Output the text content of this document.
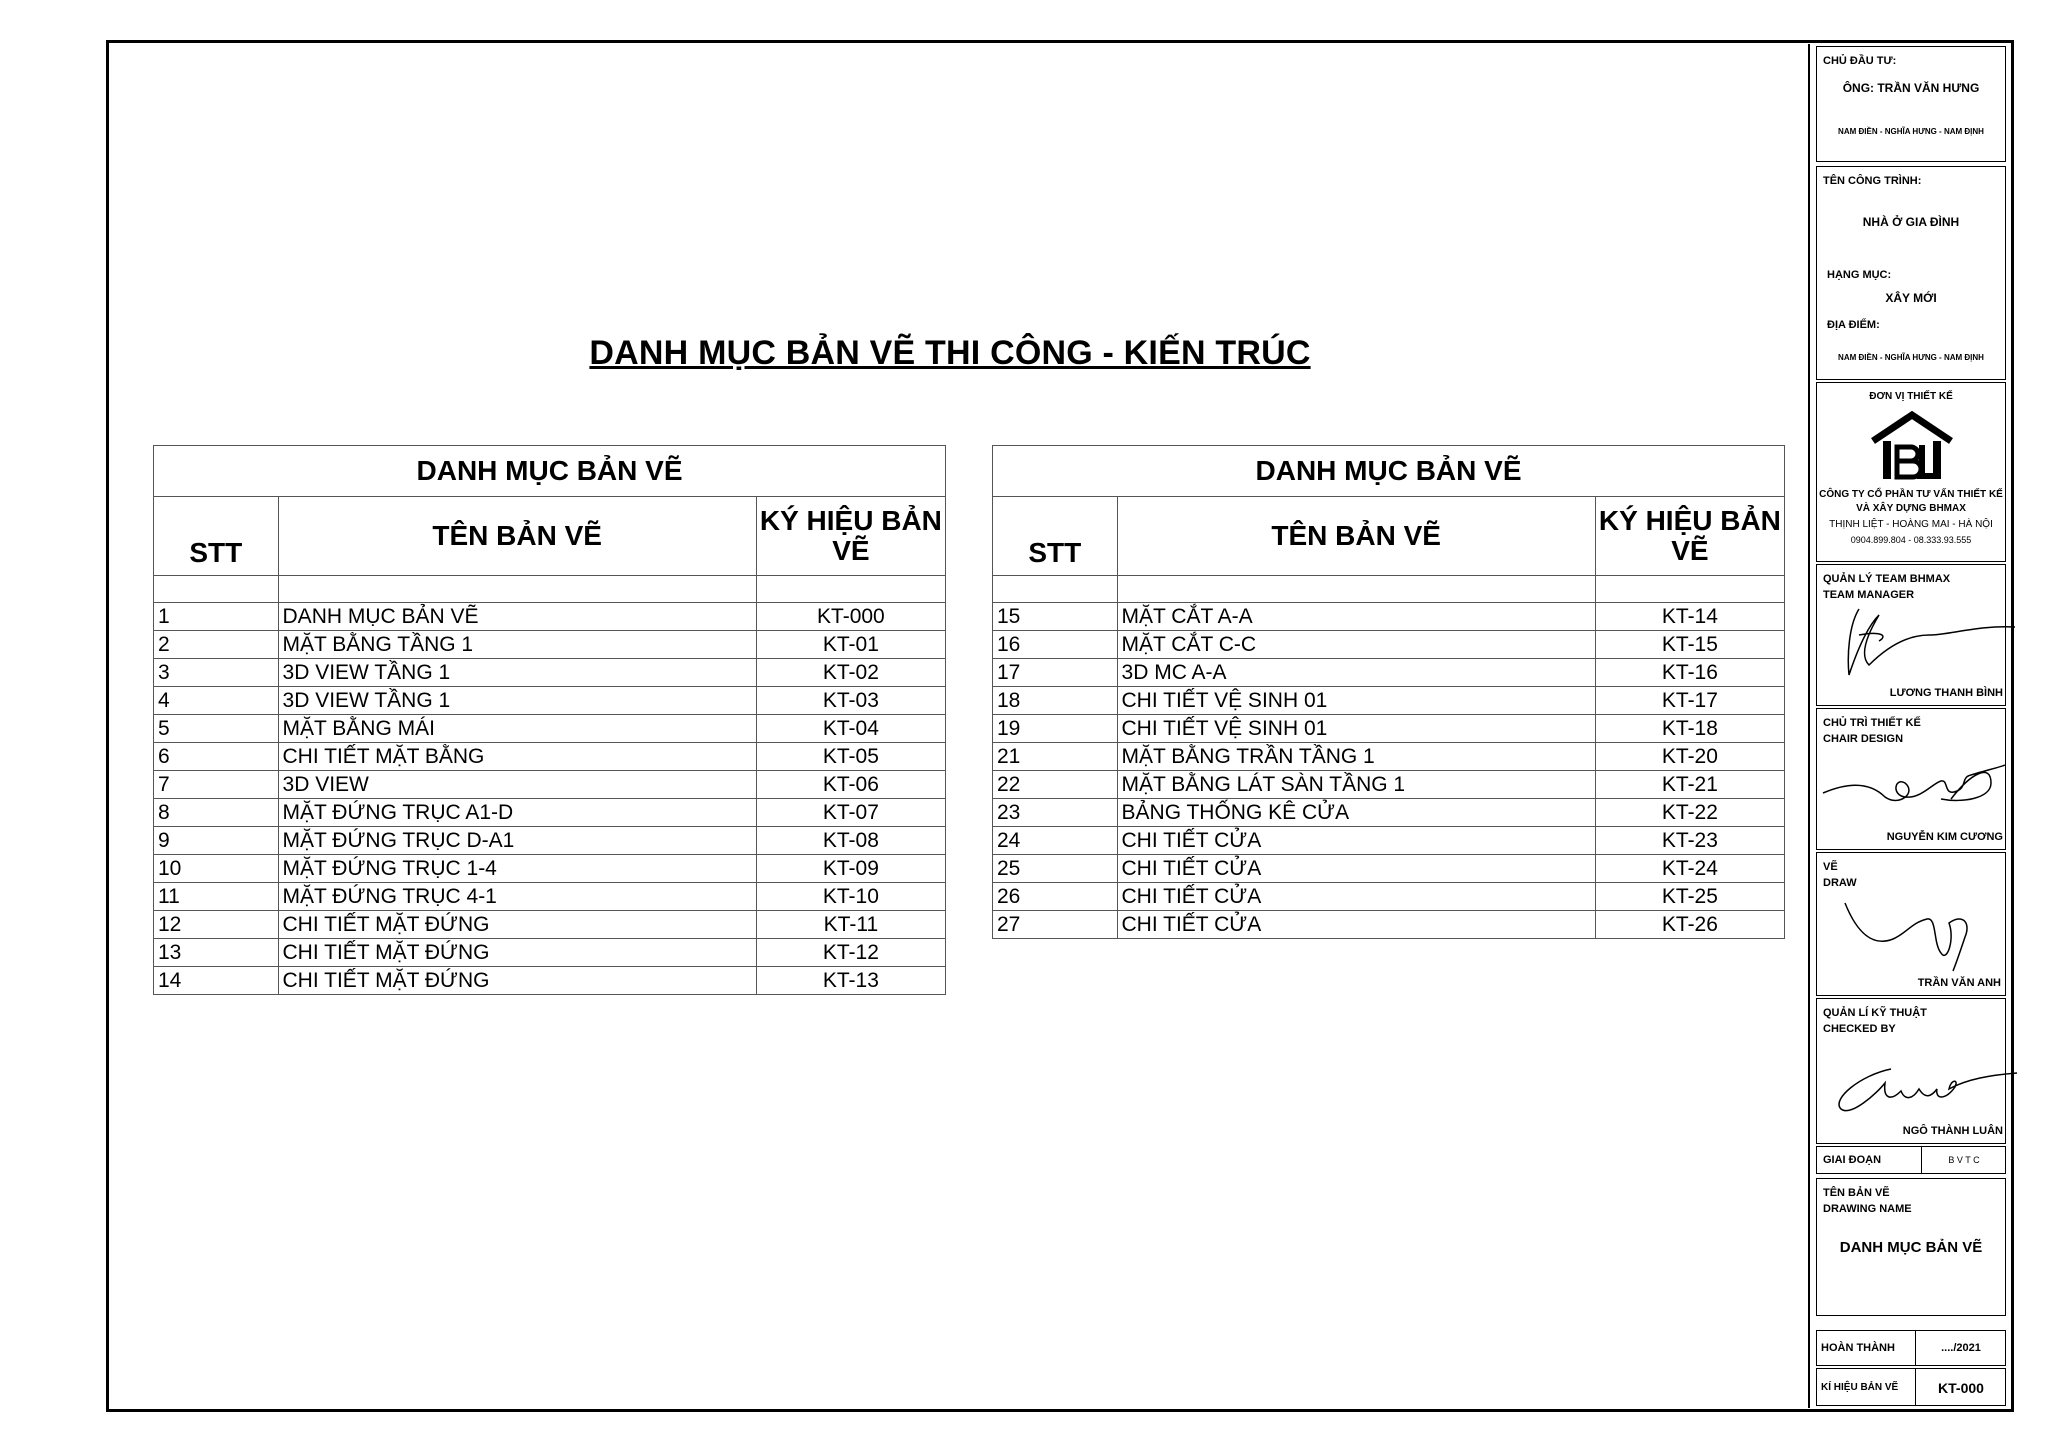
DANH MỤC BẢN VẼ THI CÔNG - KIẾN TRÚC
DANH MỤC BẢN VẼ		
STT	TÊN BẢN VẼ	KÝ HIỆU BẢN
VẼ

1	DANH MỤC BẢN VẼ	KT-000
2	MẶT BẰNG TẦNG 1	KT-01
3	3D VIEW TẦNG 1	KT-02
4	3D VIEW TẦNG 1	KT-03
5	MẶT BẰNG MÁI	KT-04
6	CHI TIẾT MẶT BẰNG	KT-05
7	3D VIEW	KT-06
8	MẶT ĐỨNG TRỤC A1-D	KT-07
9	MẶT ĐỨNG TRỤC D-A1	KT-08
10	MẶT ĐỨNG TRỤC 1-4	KT-09
11	MẶT ĐỨNG TRỤC 4-1	KT-10
12	CHI TIẾT MẶT ĐỨNG	KT-11
13	CHI TIẾT MẶT ĐỨNG	KT-12
14	CHI TIẾT MẶT ĐỨNG	KT-13
DANH MỤC BẢN VẼ		
STT	TÊN BẢN VẼ	KÝ HIỆU BẢN
VẼ

15	MẶT CẮT A-A	KT-14
16	MẶT CẮT C-C	KT-15
17	3D MC A-A	KT-16
18	CHI TIẾT VỆ SINH 01	KT-17
19	CHI TIẾT VỆ SINH 01	KT-18
21	MẶT BẰNG TRẦN TẦNG 1	KT-20
22	MẶT BẰNG LÁT SÀN TẦNG 1	KT-21
23	BẢNG THỐNG KÊ CỬA	KT-22
24	CHI TIẾT CỬA	KT-23
25	CHI TIẾT CỬA	KT-24
26	CHI TIẾT CỬA	KT-25
27	CHI TIẾT CỬA	KT-26
CHỦ ĐẦU TƯ:
ÔNG: TRẦN VĂN HƯNG
NAM ĐIỀN - NGHĨA HƯNG - NAM ĐỊNH
TÊN CÔNG TRÌNH:
NHÀ Ở GIA ĐÌNH
HẠNG MỤC:
XÂY MỚI
ĐỊA ĐIỂM:
NAM ĐIỀN - NGHĨA HƯNG - NAM ĐỊNH
ĐƠN VỊ THIẾT KẾ
CÔNG TY CỔ PHẦN TƯ VẤN THIẾT KẾ
VÀ XÂY DỰNG BHMAX
THỊNH LIỆT - HOÀNG MAI - HÀ NỘI
0904.899.804 - 08.333.93.555
QUẢN LÝ TEAM BHMAX
TEAM MANAGER
LƯƠNG THANH BÌNH
CHỦ TRÌ THIẾT KẾ
CHAIR DESIGN
NGUYỄN KIM CƯƠNG
VẼ
DRAW
TRẦN VĂN ANH
QUẢN LÍ KỸ THUẬT
CHECKED BY
NGÔ THÀNH LUÂN
GIAI ĐOẠN	B V T C
TÊN BẢN VẼ
DRAWING NAME
DANH MỤC BẢN VẼ
HOÀN THÀNH	..../2021
KÍ HIỆU BẢN VẼ	KT-000
